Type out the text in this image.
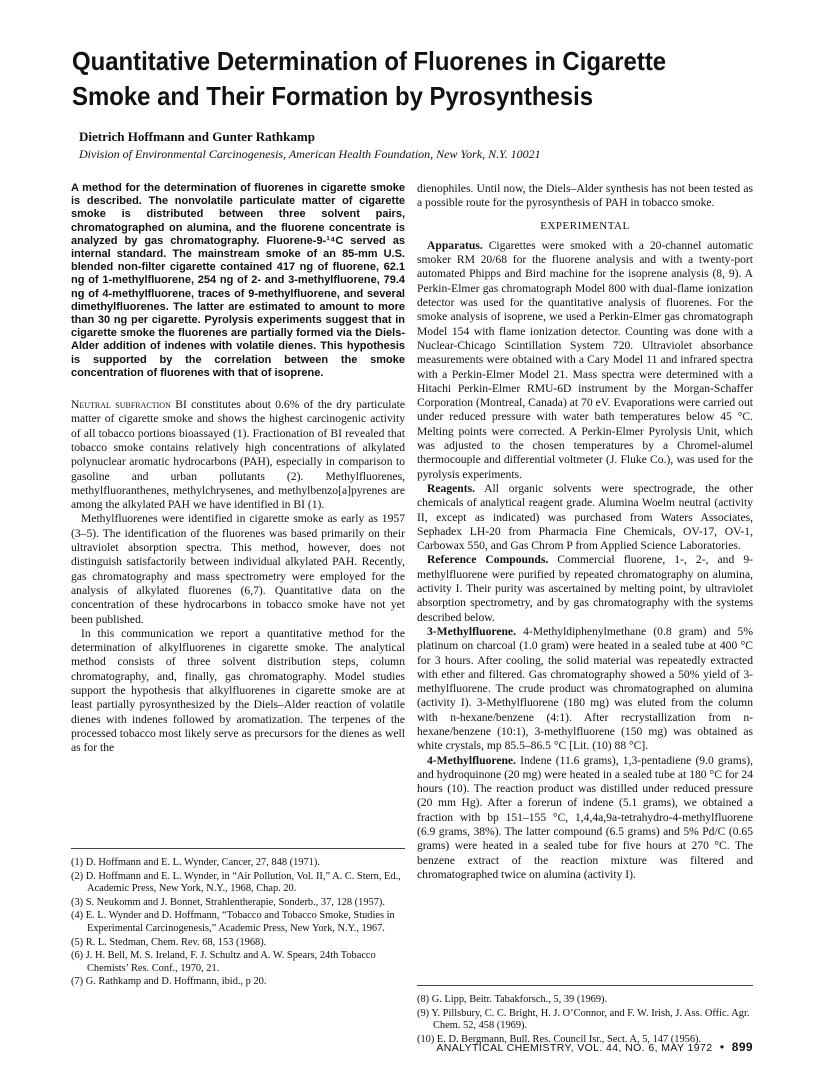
Quantitative Determination of Fluorenes in Cigarette Smoke and Their Formation by Pyrosynthesis

Dietrich Hoffmann and Gunter Rathkamp

Division of Environmental Carcinogenesis, American Health Foundation, New York, N.Y. 10021

A method for the determination of fluorenes in cigarette smoke is described. The nonvolatile particulate matter of cigarette smoke is distributed between three solvent pairs, chromatographed on alumina, and the fluorene concentrate is analyzed by gas chromatography. Fluorene-9-¹⁴C served as internal standard. The mainstream smoke of an 85-mm U.S. blended non-filter cigarette contained 417 ng of fluorene, 62.1 ng of 1-methylfluorene, 254 ng of 2- and 3-methylfluorene, 79.4 ng of 4-methylfluorene, traces of 9-methylfluorene, and several dimethylfluorenes. The latter are estimated to amount to more than 30 ng per cigarette. Pyrolysis experiments suggest that in cigarette smoke the fluorenes are partially formed via the Diels-Alder addition of indenes with volatile dienes. This hypothesis is supported by the correlation between the smoke concentration of fluorenes with that of isoprene.

Neutral subfraction BI constitutes about 0.6% of the dry particulate matter of cigarette smoke and shows the highest carcinogenic activity of all tobacco portions bioassayed (1). Fractionation of BI revealed that tobacco smoke contains relatively high concentrations of alkylated polynuclear aromatic hydrocarbons (PAH), especially in comparison to gasoline and urban pollutants (2). Methylfluorenes, methylfluoranthenes, methylchrysenes, and methylbenzo[a]pyrenes are among the alkylated PAH we have identified in BI (1).

Methylfluorenes were identified in cigarette smoke as early as 1957 (3–5). The identification of the fluorenes was based primarily on their ultraviolet absorption spectra. This method, however, does not distinguish satisfactorily between individual alkylated PAH. Recently, gas chromatography and mass spectrometry were employed for the analysis of alkylated fluorenes (6,7). Quantitative data on the concentration of these hydrocarbons in tobacco smoke have not yet been published.

In this communication we report a quantitative method for the determination of alkylfluorenes in cigarette smoke. The analytical method consists of three solvent distribution steps, column chromatography, and, finally, gas chromatography. Model studies support the hypothesis that alkylfluorenes in cigarette smoke are at least partially pyrosynthesized by the Diels–Alder reaction of volatile dienes with indenes followed by aromatization. The terpenes of the processed tobacco most likely serve as precursors for the dienes as well as for the

dienophiles. Until now, the Diels–Alder synthesis has not been tested as a possible route for the pyrosynthesis of PAH in tobacco smoke.

EXPERIMENTAL

Apparatus. Cigarettes were smoked with a 20-channel automatic smoker RM 20/68 for the fluorene analysis and with a twenty-port automated Phipps and Bird machine for the isoprene analysis (8, 9). A Perkin-Elmer gas chromatograph Model 800 with dual-flame ionization detector was used for the quantitative analysis of fluorenes. For the smoke analysis of isoprene, we used a Perkin-Elmer gas chromatograph Model 154 with flame ionization detector. Counting was done with a Nuclear-Chicago Scintillation System 720. Ultraviolet absorbance measurements were obtained with a Cary Model 11 and infrared spectra with a Perkin-Elmer Model 21. Mass spectra were determined with a Hitachi Perkin-Elmer RMU-6D instrument by the Morgan-Schaffer Corporation (Montreal, Canada) at 70 eV. Evaporations were carried out under reduced pressure with water bath temperatures below 45 °C. Melting points were corrected. A Perkin-Elmer Pyrolysis Unit, which was adjusted to the chosen temperatures by a Chromel-alumel thermocouple and differential voltmeter (J. Fluke Co.), was used for the pyrolysis experiments.

Reagents. All organic solvents were spectrograde, the other chemicals of analytical reagent grade. Alumina Woelm neutral (activity II, except as indicated) was purchased from Waters Associates, Sephadex LH-20 from Pharmacia Fine Chemicals, OV-17, OV-1, Carbowax 550, and Gas Chrom P from Applied Science Laboratories.

Reference Compounds. Commercial fluorene, 1-, 2-, and 9-methylfluorene were purified by repeated chromatography on alumina, activity I. Their purity was ascertained by melting point, by ultraviolet absorption spectrometry, and by gas chromatography with the systems described below.

3-Methylfluorene. 4-Methyldiphenylmethane (0.8 gram) and 5% platinum on charcoal (1.0 gram) were heated in a sealed tube at 400 °C for 3 hours. After cooling, the solid material was repeatedly extracted with ether and filtered. Gas chromatography showed a 50% yield of 3-methylfluorene. The crude product was chromatographed on alumina (activity I). 3-Methylfluorene (180 mg) was eluted from the column with n-hexane/benzene (4:1). After recrystallization from n-hexane/benzene (10:1), 3-methylfluorene (150 mg) was obtained as white crystals, mp 85.5–86.5 °C [Lit. (10) 88 °C].

4-Methylfluorene. Indene (11.6 grams), 1,3-pentadiene (9.0 grams), and hydroquinone (20 mg) were heated in a sealed tube at 180 °C for 24 hours (10). The reaction product was distilled under reduced pressure (20 mm Hg). After a forerun of indene (5.1 grams), we obtained a fraction with bp 151–155 °C, 1,4,4a,9a-tetrahydro-4-methylfluorene (6.9 grams, 38%). The latter compound (6.5 grams) and 5% Pd/C (0.65 grams) were heated in a sealed tube for five hours at 270 °C. The benzene extract of the reaction mixture was filtered and chromatographed twice on alumina (activity I).

(1) D. Hoffmann and E. L. Wynder, Cancer, 27, 848 (1971).

(2) D. Hoffmann and E. L. Wynder, in “Air Pollution, Vol. II,” A. C. Stern, Ed., Academic Press, New York, N.Y., 1968, Chap. 20.

(3) S. Neukomm and J. Bonnet, Strahlentherapie, Sonderb., 37, 128 (1957).

(4) E. L. Wynder and D. Hoffmann, “Tobacco and Tobacco Smoke, Studies in Experimental Carcinogenesis,” Academic Press, New York, N.Y., 1967.

(5) R. L. Stedman, Chem. Rev. 68, 153 (1968).

(6) J. H. Bell, M. S. Ireland, F. J. Schultz and A. W. Spears, 24th Tobacco Chemists’ Res. Conf., 1970, 21.

(7) G. Rathkamp and D. Hoffmann, ibid., p 20.

(8) G. Lipp, Beitr. Tabakforsch., 5, 39 (1969).

(9) Y. Pillsbury, C. C. Bright, H. J. O’Connor, and F. W. Irish, J. Ass. Offic. Agr. Chem. 52, 458 (1969).

(10) E. D. Bergmann, Bull. Res. Council Isr., Sect. A, 5, 147 (1956).

ANALYTICAL CHEMISTRY, VOL. 44, NO. 6, MAY 1972 • 899
